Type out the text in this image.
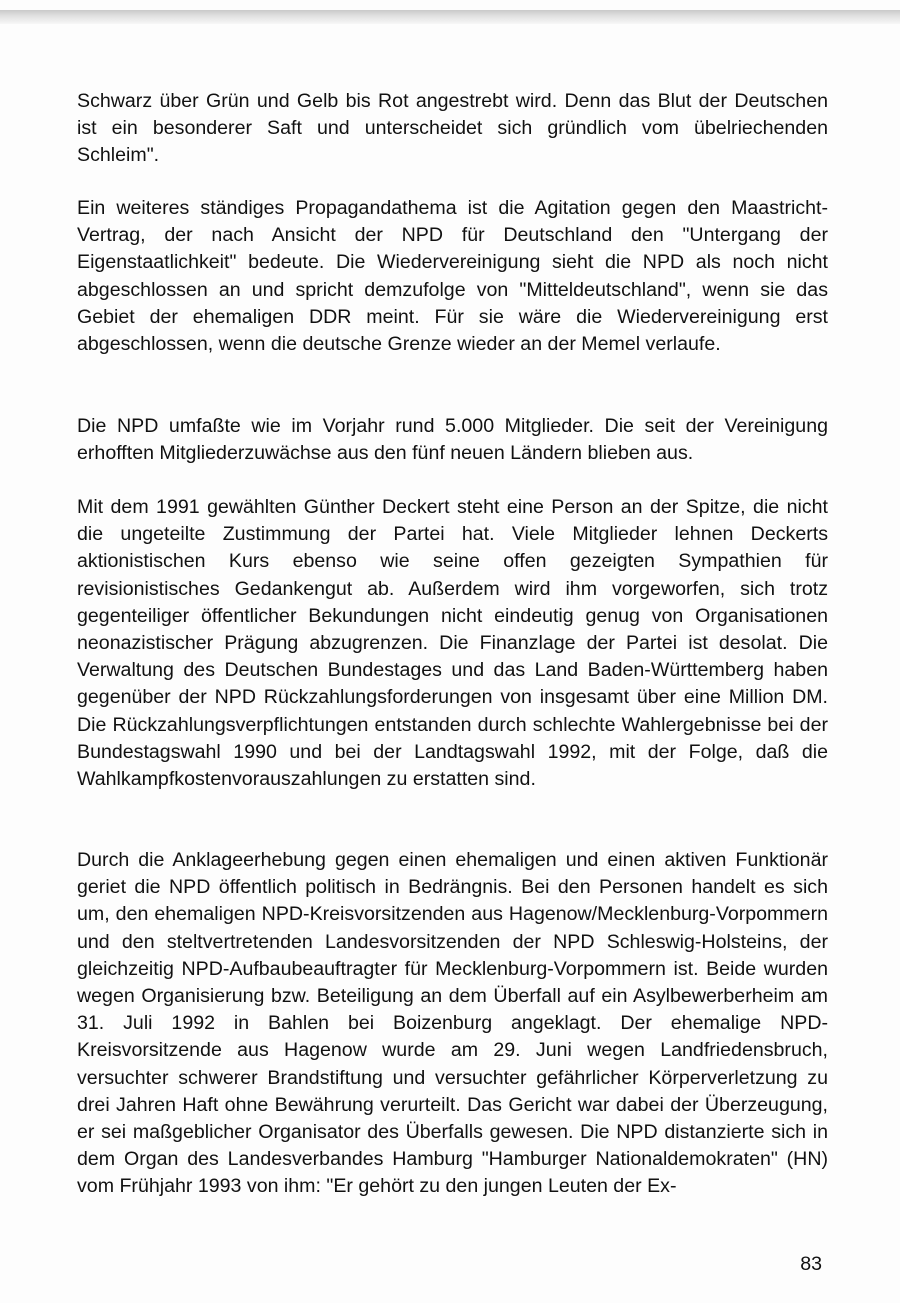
Schwarz über Grün und Gelb bis Rot angestrebt wird. Denn das Blut der Deutschen ist ein besonderer Saft und unterscheidet sich gründlich vom übelriechenden Schleim".

Ein weiteres ständiges Propagandathema ist die Agitation gegen den Maastricht-Vertrag, der nach Ansicht der NPD für Deutschland den "Untergang der Eigenstaatlichkeit" bedeute. Die Wiedervereinigung sieht die NPD als noch nicht abgeschlossen an und spricht demzufolge von "Mitteldeutschland", wenn sie das Gebiet der ehemaligen DDR meint. Für sie wäre die Wiedervereinigung erst abgeschlossen, wenn die deutsche Grenze wieder an der Memel verlaufe.

Die NPD umfaßte wie im Vorjahr rund 5.000 Mitglieder. Die seit der Vereinigung erhofften Mitgliederzuwächse aus den fünf neuen Ländern blieben aus.

Mit dem 1991 gewählten Günther Deckert steht eine Person an der Spitze, die nicht die ungeteilte Zustimmung der Partei hat. Viele Mitglieder lehnen Deckerts aktionistischen Kurs ebenso wie seine offen gezeigten Sympathien für revisionistisches Gedankengut ab. Außerdem wird ihm vorgeworfen, sich trotz gegenteiliger öffentlicher Bekundungen nicht eindeutig genug von Organisationen neonazistischer Prägung abzugrenzen. Die Finanzlage der Partei ist desolat. Die Verwaltung des Deutschen Bundestages und das Land Baden-Württemberg haben gegenüber der NPD Rückzahlungsforderungen von insgesamt über eine Million DM. Die Rückzahlungsverpflichtungen entstanden durch schlechte Wahlergebnisse bei der Bundestagswahl 1990 und bei der Landtagswahl 1992, mit der Folge, daß die Wahlkampfkostenvorauszahlungen zu erstatten sind.

Durch die Anklageerhebung gegen einen ehemaligen und einen aktiven Funktionär geriet die NPD öffentlich politisch in Bedrängnis. Bei den Personen handelt es sich um, den ehemaligen NPD-Kreisvorsitzenden aus Hagenow/Mecklenburg-Vorpommern und den steltvertretenden Landesvorsitzenden der NPD Schleswig-Holsteins, der gleichzeitig NPD-Aufbaubeauftragter für Mecklenburg-Vorpommern ist. Beide wurden wegen Organisierung bzw. Beteiligung an dem Überfall auf ein Asylbewerberheim am 31. Juli 1992 in Bahlen bei Boizenburg angeklagt. Der ehemalige NPD-Kreisvorsitzende aus Hagenow wurde am 29. Juni wegen Landfriedensbruch, versuchter schwerer Brandstiftung und versuchter gefährlicher Körperverletzung zu drei Jahren Haft ohne Bewährung verurteilt. Das Gericht war dabei der Überzeugung, er sei maßgeblicher Organisator des Überfalls gewesen. Die NPD distanzierte sich in dem Organ des Landesverbandes Hamburg "Hamburger Nationaldemokraten" (HN) vom Frühjahr 1993 von ihm: "Er gehört zu den jungen Leuten der Ex-

83
